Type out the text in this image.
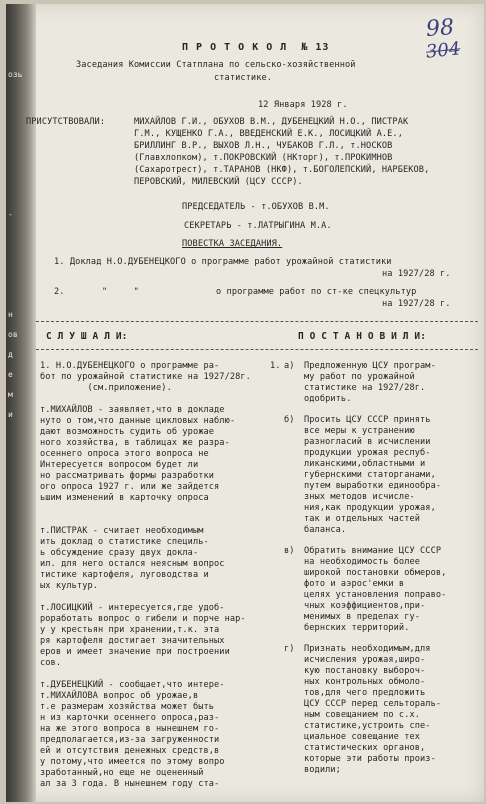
озь
-
н
ов
д
е
м
и
98
304
П Р О Т О К О Л  № 13
Заседания Комиссии Статплана по сельско-хозяйственной
статистике.
12 Января 1928 г.
ПРИСУТСТВОВАЛИ:	МИХАЙЛОВ Г.И., ОБУХОВ В.М., ДУБЕНЕЦКИЙ Н.О., ПИСТРАК
Г.М., КУЩЕНКО Г.А., ВВЕДЕНСКИЙ Е.К., ЛОСИЦКИЙ А.Е.,
БРИЛЛИНГ В.Р., ВЫХОВ Л.Н., ЧУБАКОВ Г.Л., т.НОСКОВ
(Главхлопком), т.ПОКРОВСКИЙ (НКторг), т.ПРОКИМНОВ
(Сахаротрест), т.ТАРАНОВ (НКФ), т.БОГОЛЕПСКИЙ, НАРБЕКОВ,
ПЕРОВСКИЙ, МИЛЕВСКИЙ (ЦСУ СССР).
ПРЕДСЕДАТЕЛЬ - т.ОБУХОВ В.М.
СЕКРЕТАРЬ - т.ЛАТРЫГИНА М.А.
ПОВЕСТКА ЗАСЕДАНИЯ.
1. Доклад Н.О.ДУБЕНЕЦКОГО о программе работ урожайной статистики
на 1927/28 г.
2.	"     "	о программе работ по ст-ке спецкультур
на 1927/28 г.
С Л У Ш А Л И:	П О С Т А Н О В И Л И:
1. Н.О.ДУБЕНЕЦКОГО о программе ра-
бот по урожайной статистике на 1927/28г.
(см.приложение).
т.МИХАЙЛОВ - заявляет,что в докладе
нуто о том,что данные цикловых наблю-
дают возможность судить об урожае
ного хозяйства, в таблицах же разра-
осеннего опроса этого вопроса не
Интересуется вопросом будет ли
но рассматривать формы разработки
ого опроса 1927 г. или же зайдется
ьшим изменений в карточку опроса
т.ПИСТРАК - считает необходимым
ить доклад о статистике специль-
ь обсуждение сразу двух докла-
ил. для него остался неясным вопрос
тистике картофеля, луговодства и
ых культур.
т.ЛОСИЦКИЙ - интересуется,где удоб-
роработать вопрос о гибели и порче нар-
у у крестьян при хранении,т.к. эта
ря картофеля достигает значительных
еров и имеет значение при построении
сов.
т.ДУБЕНЕЦКИЙ - сообщает,что интере-
т.МИХАЙЛОВА вопрос об урожае,в
т.е размерам хозяйства может быть
н из карточки осеннего опроса,раз-
на же этого вопроса в нынешнем го-
предполагается,из-за загруженности
ей и отсутствия денежных средств,в
у потому,что имеется по этому вопро
зработанный,но еще не оцененный
ал за 3 года. В нынешнем году ста-
1. а) Предложенную ЦСУ програм-
му работ по урожайной
статистике на 1927/28г.
одобрить.
б) Просить ЦСУ СССР принять
все меры к устранению
разногласий в исчислении
продукции урожая респуб-
ликанскими,областными и
губернскими статорганами,
путем выработки единообра-
зных методов исчисле-
ния,как продукции урожая,
так и отдельных частей
баланса.
в) Обратить внимание ЦСУ СССР
на необходимость более
широкой постановки обмеров,
фото и аэрос'емки в
целях установления поправо-
чных коэффициентов,при-
менимых в пределах гу-
бернских территорий.
г) Признать необходимым,для
исчисления урожая,широ-
кую постановку выбороч-
ных контрольных обмоло-
тов,для чего предложить
ЦСУ СССР перед сельтораль-
ным совещанием по с.х.
статистике,устроить спе-
циальное совещание тех
статистических органов,
которые эти работы произ-
водили;
